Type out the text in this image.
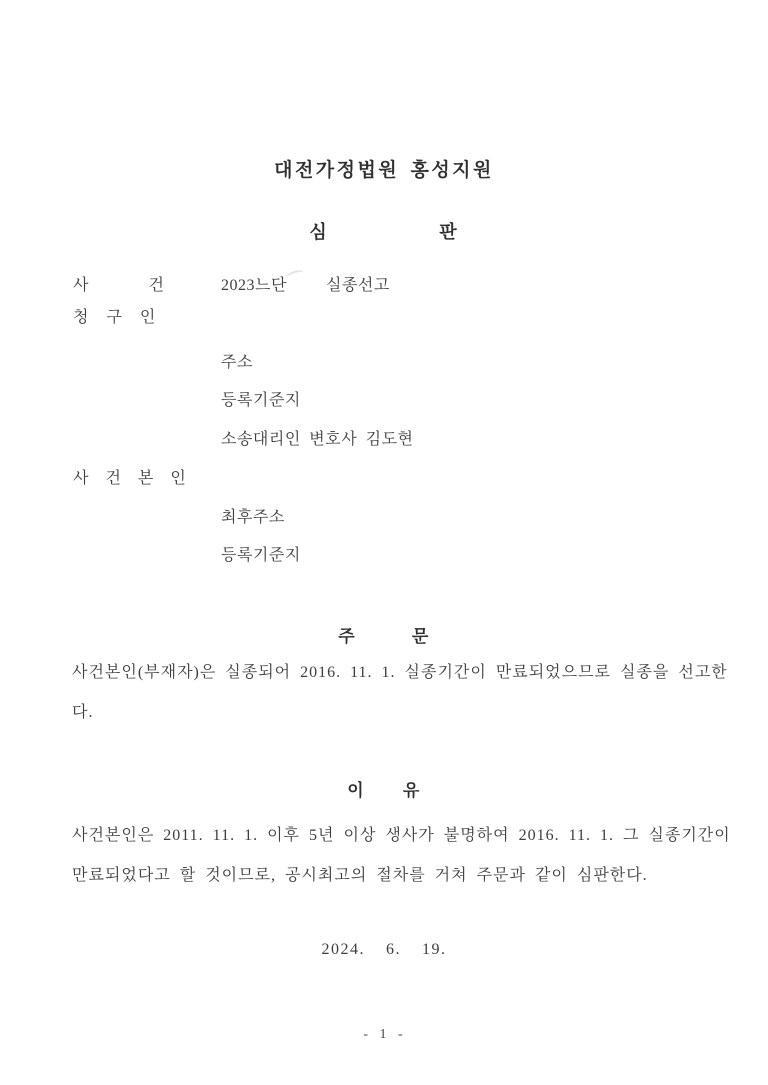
대전가정법원 홍성지원
심 판
사 건	2023느단 실종선고
청 구 인
주소
등록기준지
소송대리인 변호사 김도현
사 건 본 인
최후주소
등록기준지
주 문
사건본인(부재자)은 실종되어 2016. 11. 1. 실종기간이 만료되었으므로 실종을 선고한
다.
이 유
사건본인은 2011. 11. 1. 이후 5년 이상 생사가 불명하여 2016. 11. 1. 그 실종기간이
만료되었다고 할 것이므로, 공시최고의 절차를 거쳐 주문과 같이 심판한다.
2024.  6.  19.
- 1 -
